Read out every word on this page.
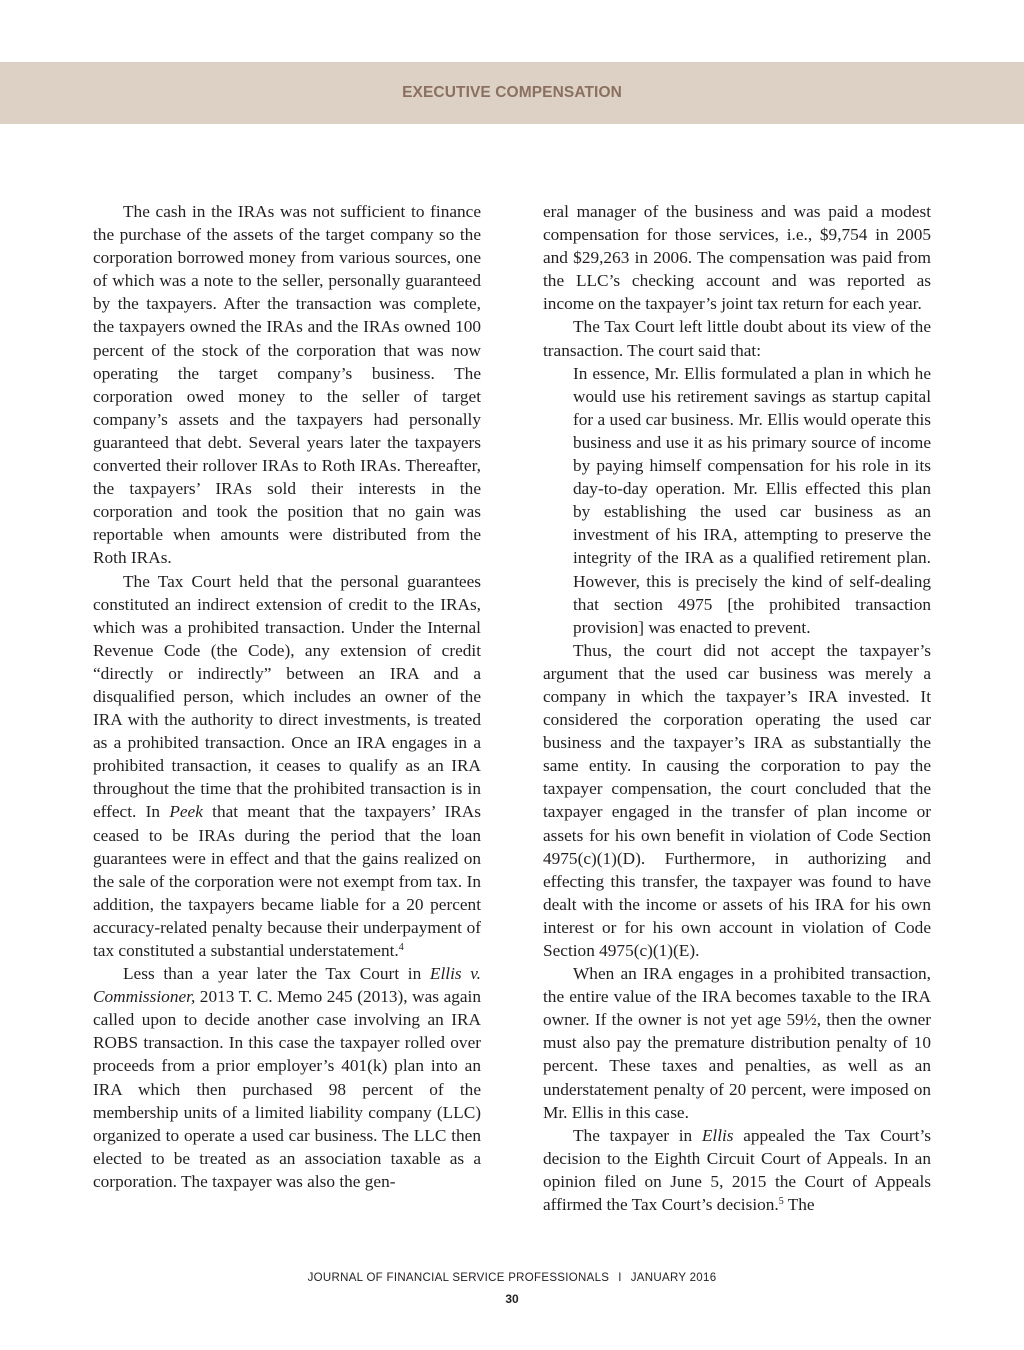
EXECUTIVE COMPENSATION

The cash in the IRAs was not sufficient to finance the purchase of the assets of the target company so the corporation borrowed money from various sources, one of which was a note to the seller, personally guaranteed by the taxpayers. After the transaction was complete, the taxpayers owned the IRAs and the IRAs owned 100 percent of the stock of the corporation that was now operating the target company’s business. The corporation owed money to the seller of target company’s assets and the taxpayers had personally guaranteed that debt. Several years later the taxpayers converted their rollover IRAs to Roth IRAs. Thereafter, the taxpayers’ IRAs sold their interests in the corporation and took the position that no gain was reportable when amounts were distributed from the Roth IRAs.

The Tax Court held that the personal guarantees constituted an indirect extension of credit to the IRAs, which was a prohibited transaction. Under the Internal Revenue Code (the Code), any extension of credit “directly or indirectly” between an IRA and a disqualified person, which includes an owner of the IRA with the authority to direct investments, is treated as a prohibited transaction. Once an IRA engages in a prohibited transaction, it ceases to qualify as an IRA throughout the time that the prohibited transaction is in effect. In Peek that meant that the taxpayers’ IRAs ceased to be IRAs during the period that the loan guarantees were in effect and that the gains realized on the sale of the corporation were not exempt from tax. In addition, the taxpayers became liable for a 20 percent accuracy-related penalty because their underpayment of tax constituted a substantial understatement.$^4$

Less than a year later the Tax Court in Ellis v. Commissioner, 2013 T. C. Memo 245 (2013), was again called upon to decide another case involving an IRA ROBS transaction. In this case the taxpayer rolled over proceeds from a prior employer’s 401(k) plan into an IRA which then purchased 98 percent of the membership units of a limited liability company (LLC) organized to operate a used car business. The LLC then elected to be treated as an association taxable as a corporation. The taxpayer was also the gen-

eral manager of the business and was paid a modest compensation for those services, i.e., $9,754 in 2005 and $29,263 in 2006. The compensation was paid from the LLC’s checking account and was reported as income on the taxpayer’s joint tax return for each year.

The Tax Court left little doubt about its view of the transaction. The court said that:

In essence, Mr. Ellis formulated a plan in which he would use his retirement savings as startup capital for a used car business. Mr. Ellis would operate this business and use it as his primary source of income by paying himself compensation for his role in its day-to-day operation. Mr. Ellis effected this plan by establishing the used car business as an investment of his IRA, attempting to preserve the integrity of the IRA as a qualified retirement plan. However, this is precisely the kind of self-dealing that section 4975 [the prohibited transaction provision] was enacted to prevent.

Thus, the court did not accept the taxpayer’s argument that the used car business was merely a company in which the taxpayer’s IRA invested. It considered the corporation operating the used car business and the taxpayer’s IRA as substantially the same entity. In causing the corporation to pay the taxpayer compensation, the court concluded that the taxpayer engaged in the transfer of plan income or assets for his own benefit in violation of Code Section 4975(c)(1)(D). Furthermore, in authorizing and effecting this transfer, the taxpayer was found to have dealt with the income or assets of his IRA for his own interest or for his own account in violation of Code Section 4975(c)(1)(E).

When an IRA engages in a prohibited transaction, the entire value of the IRA becomes taxable to the IRA owner. If the owner is not yet age 59½, then the owner must also pay the premature distribution penalty of 10 percent. These taxes and penalties, as well as an understatement penalty of 20 percent, were imposed on Mr. Ellis in this case.

The taxpayer in Ellis appealed the Tax Court’s decision to the Eighth Circuit Court of Appeals. In an opinion filed on June 5, 2015 the Court of Appeals affirmed the Tax Court’s decision.$^5$ The

JOURNAL OF FINANCIAL SERVICE PROFESSIONALS I JANUARY 2016
30
